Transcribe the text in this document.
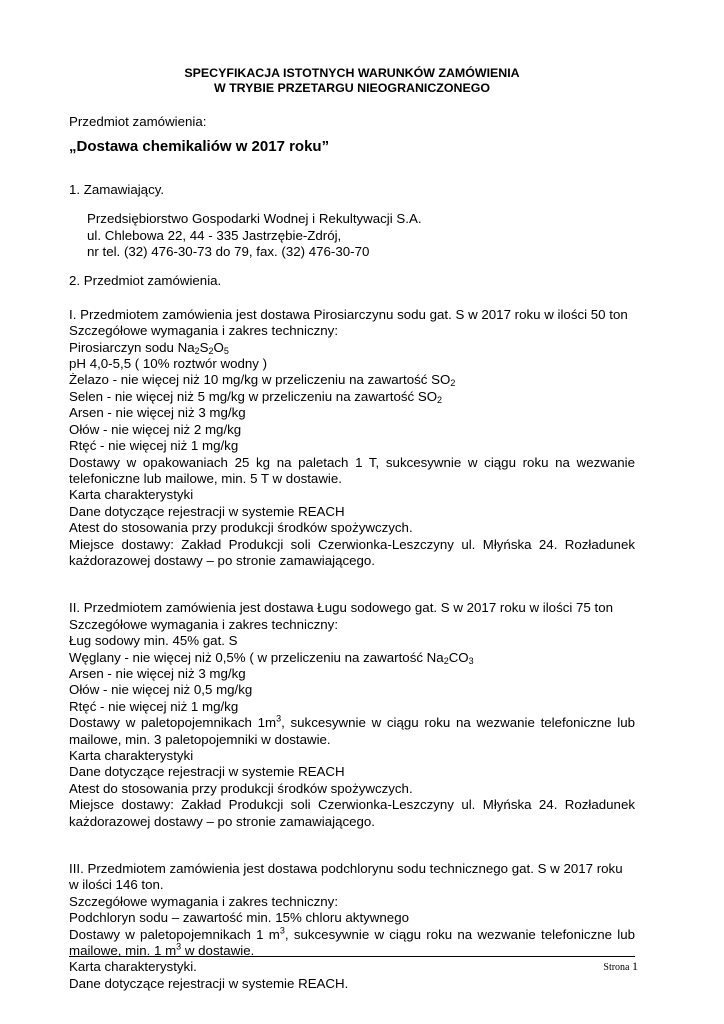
SPECYFIKACJA ISTOTNYCH WARUNKÓW ZAMÓWIENIA

W TRYBIE PRZETARGU NIEOGRANICZONEGO

Przedmiot zamówienia:

„Dostawa chemikaliów w 2017 roku”

1. Zamawiający.

Przedsiębiorstwo Gospodarki Wodnej i Rekultywacji S.A.

ul. Chlebowa 22, 44 - 335 Jastrzębie-Zdrój,

nr tel. (32) 476-30-73 do 79, fax. (32) 476-30-70

2. Przedmiot zamówienia.

I. Przedmiotem zamówienia jest dostawa Pirosiarczynu sodu gat. S w 2017 roku w ilości 50 ton

Szczegółowe wymagania i zakres techniczny:

Pirosiarczyn sodu $Na_2S_2O_5$

pH 4,0-5,5 ( 10% roztwór wodny )

Żelazo - nie więcej niż 10 mg/kg w przeliczeniu na zawartość $SO_2$

Selen - nie więcej niż 5 mg/kg w przeliczeniu na zawartość $SO_2$

Arsen - nie więcej niż 3 mg/kg

Ołów - nie więcej niż 2 mg/kg

Rtęć - nie więcej niż 1 mg/kg

Dostawy w opakowaniach 25 kg na paletach 1 T, sukcesywnie w ciągu roku na wezwanie telefoniczne lub mailowe, min. 5 T w dostawie.

Karta charakterystyki

Dane dotyczące rejestracji w systemie REACH

Atest do stosowania przy produkcji środków spożywczych.

Miejsce dostawy: Zakład Produkcji soli Czerwionka-Leszczyny ul. Młyńska 24. Rozładunek każdorazowej dostawy – po stronie zamawiającego.

II. Przedmiotem zamówienia jest dostawa Ługu sodowego gat. S w 2017 roku w ilości 75 ton

Szczegółowe wymagania i zakres techniczny:

Ług sodowy min. 45% gat. S

Węglany - nie więcej niż 0,5% ( w przeliczeniu na zawartość $Na_2CO_3$

Arsen - nie więcej niż 3 mg/kg

Ołów - nie więcej niż 0,5 mg/kg

Rtęć - nie więcej niż 1 mg/kg

Dostawy w paletopojemnikach $1m^3$, sukcesywnie w ciągu roku na wezwanie telefoniczne lub mailowe, min. 3 paletopojemniki w dostawie.

Karta charakterystyki

Dane dotyczące rejestracji w systemie REACH

Atest do stosowania przy produkcji środków spożywczych.

Miejsce dostawy: Zakład Produkcji soli Czerwionka-Leszczyny ul. Młyńska 24. Rozładunek każdorazowej dostawy – po stronie zamawiającego.

III. Przedmiotem zamówienia jest dostawa podchlorynu sodu technicznego gat. S w 2017 roku w ilości 146 ton.

Szczegółowe wymagania i zakres techniczny:

Podchloryn sodu – zawartość min. 15% chloru aktywnego

Dostawy w paletopojemnikach 1 $m^3$, sukcesywnie w ciągu roku na wezwanie telefoniczne lub mailowe, min. 1 $m^3$ w dostawie.

Karta charakterystyki.

Dane dotyczące rejestracji w systemie REACH.

Strona 1
